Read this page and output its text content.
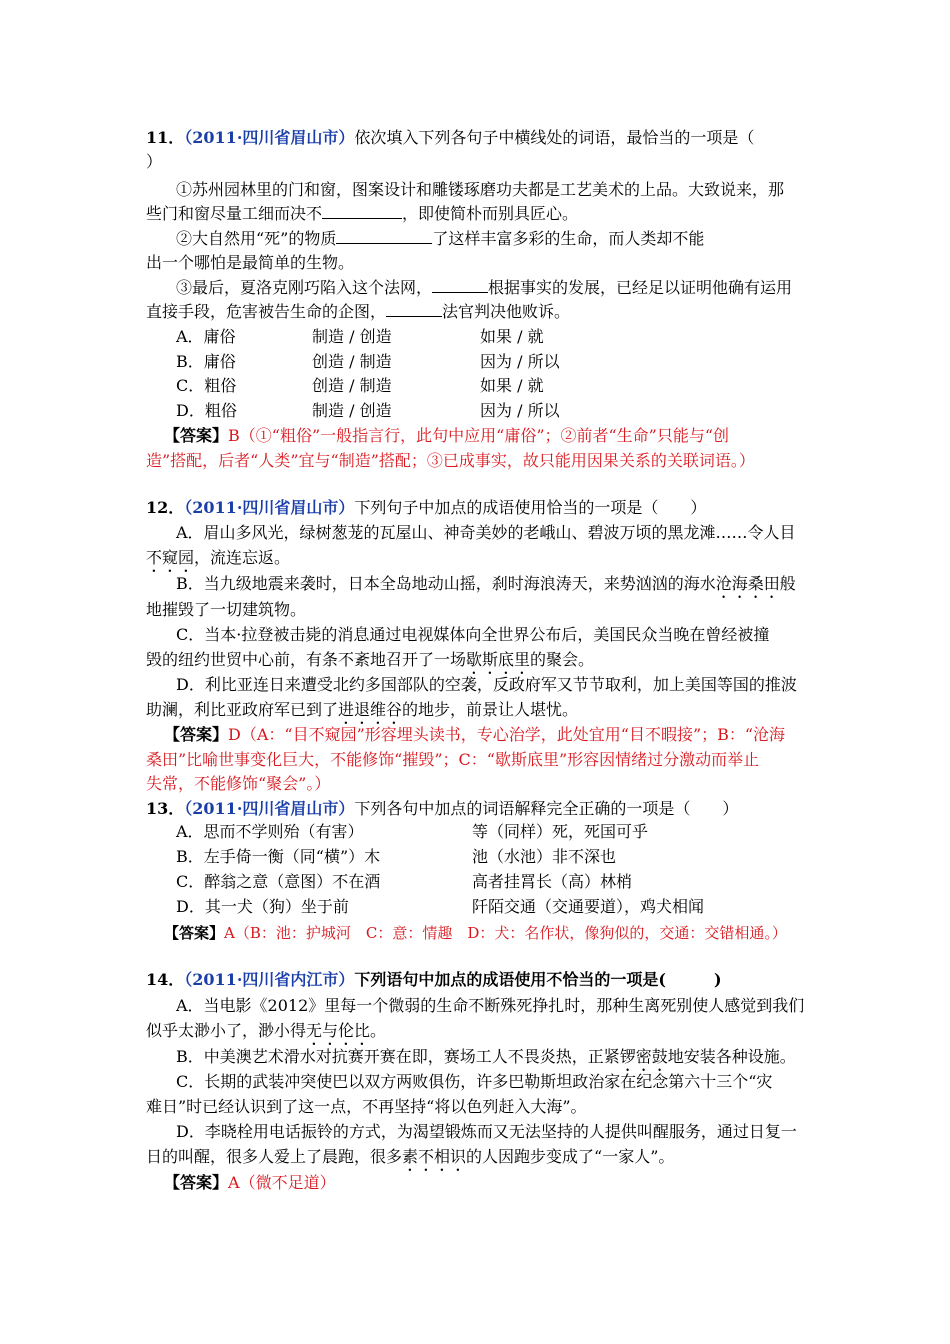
11．（2011·四川省眉山市）依次填入下列各句子中横线处的词语，最恰当的一项是（
）
①苏州园林里的门和窗，图案设计和雕镂琢磨功夫都是工艺美术的上品。大致说来，那
些门和窗尽量工细而决不	，即使简朴而别具匠心。
②大自然用“死”的物质	了这样丰富多彩的生命，而人类却不能
出一个哪怕是最简单的生物。
③最后，夏洛克刚巧陷入这个法网，	根据事实的发展，已经足以证明他确有运用
直接手段，危害被告生命的企图，	法官判决他败诉。
A．庸俗	制造 / 创造	如果 / 就
B．庸俗	创造 / 制造	因为 / 所以
C．粗俗	创造 / 制造	如果 / 就
D．粗俗	制造 / 创造	因为 / 所以
【答案】B（①“粗俗”一般指言行，此句中应用“庸俗”；②前者“生命”只能与“创
造”搭配，后者“人类”宜与“制造”搭配；③已成事实，故只能用因果关系的关联词语。）
12．（2011·四川省眉山市）下列句子中加点的成语使用恰当的一项是（　　）
A．眉山多风光，绿树葱茏的瓦屋山、神奇美妙的老峨山、碧波万顷的黑龙滩……令人目
不窥园，流连忘返。
B．当九级地震来袭时，日本全岛地动山摇，刹时海浪涛天，来势汹汹的海水沧海桑田般
地摧毁了一切建筑物。
C．当本·拉登被击毙的消息通过电视媒体向全世界公布后，美国民众当晚在曾经被撞
毁的纽约世贸中心前，有条不紊地召开了一场歇斯底里的聚会。
D．利比亚连日来遭受北约多国部队的空袭，反政府军又节节取利，加上美国等国的推波
助澜，利比亚政府军已到了进退维谷的地步，前景让人堪忧。
【答案】D（A：“目不窥园”形容埋头读书，专心治学，此处宜用“目不暇接”；B：“沧海
桑田”比喻世事变化巨大，不能修饰“摧毁”；C：“歇斯底里”形容因情绪过分激动而举止
失常，不能修饰“聚会”。）
13．（2011·四川省眉山市）下列各句中加点的词语解释完全正确的一项是（　　）
A．思而不学则殆（有害）	等（同样）死，死国可乎
B．左手倚一衡（同“横”）木	池（水池）非不深也
C．醉翁之意（意图）不在酒	高者挂罥长（高）林梢
D．其一犬（狗）坐于前	阡陌交通（交通要道），鸡犬相闻
【答案】A（B：池：护城河　C：意：情趣　D：犬：名作状，像狗似的，交通：交错相通。）
14．（2011·四川省内江市）下列语句中加点的成语使用不恰当的一项是(　　　)
A．当电影《2012》里每一个微弱的生命不断殊死挣扎时，那种生离死别使人感觉到我们
似乎太渺小了，渺小得无与伦比。
B．中美澳艺术滑水对抗赛开赛在即，赛场工人不畏炎热，正紧锣密鼓地安装各种设施。
C．长期的武装冲突使巴以双方两败俱伤，许多巴勒斯坦政治家在纪念第六十三个“灾
难日”时已经认识到了这一点，不再坚持“将以色列赶入大海”。
D．李晓栓用电话振铃的方式，为渴望锻炼而又无法坚持的人提供叫醒服务，通过日复一
日的叫醒，很多人爱上了晨跑，很多素不相识的人因跑步变成了“一家人”。
【答案】A（微不足道）
